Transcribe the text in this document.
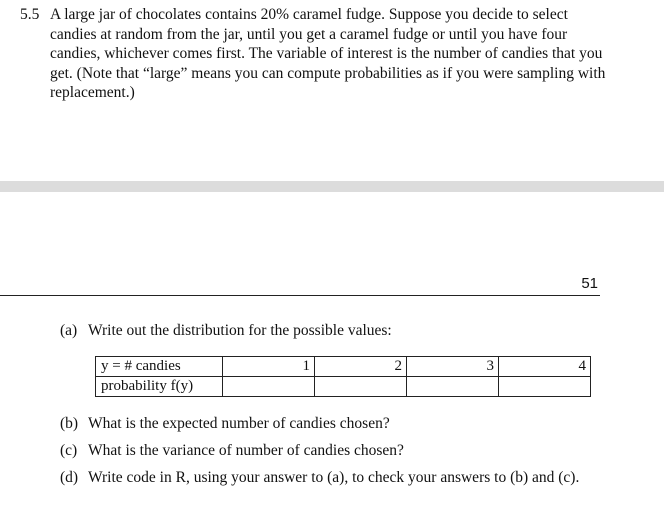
5.5 A large jar of chocolates contains 20% caramel fudge. Suppose you decide to select candies at random from the jar, until you get a caramel fudge or until you have four candies, whichever comes first. The variable of interest is the number of candies that you get. (Note that “large” means you can compute probabilities as if you were sampling with replacement.)
51
(a) Write out the distribution for the possible values:
y = # candies	1	2	3	4
probability f(y)				
(b) What is the expected number of candies chosen?
(c) What is the variance of number of candies chosen?
(d) Write code in R, using your answer to (a), to check your answers to (b) and (c).
